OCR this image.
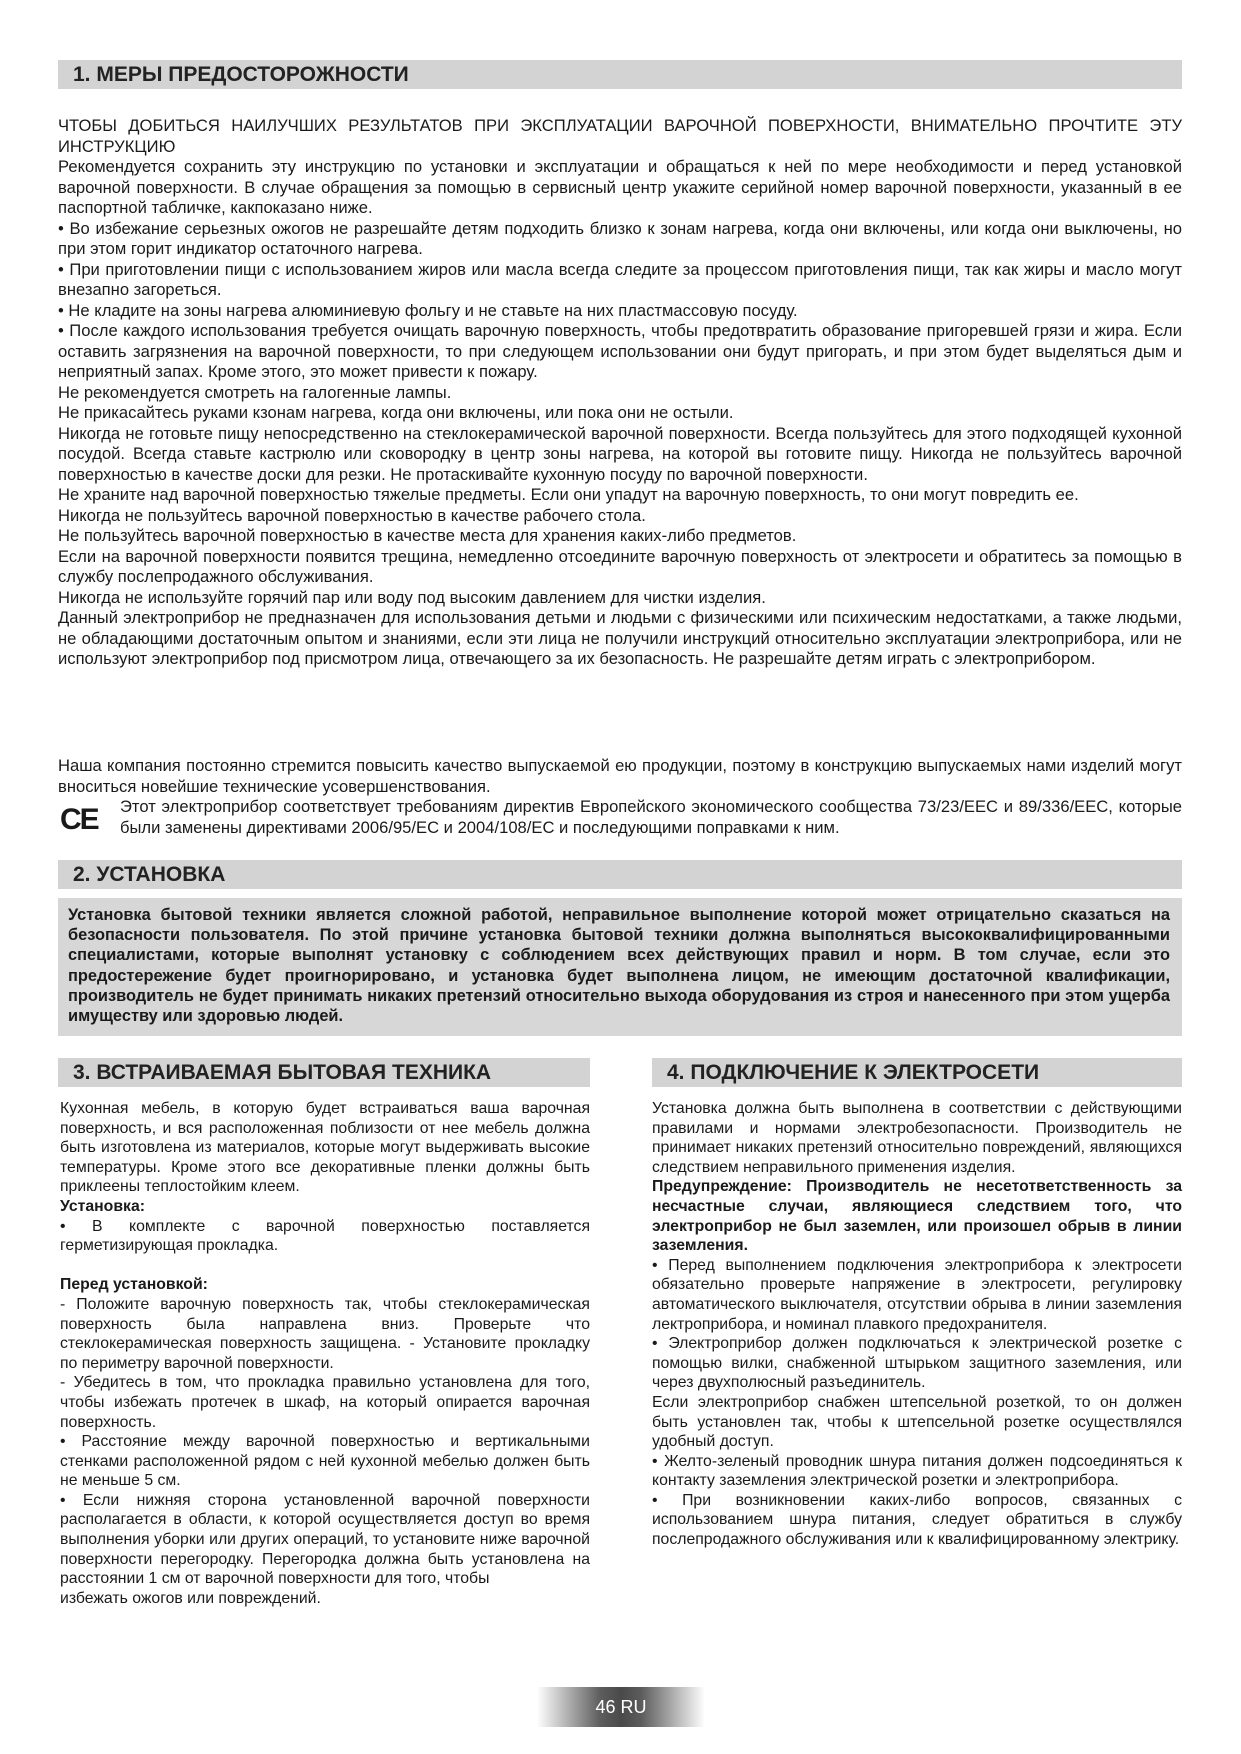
1. МЕРЫ ПРЕДОСТОРОЖНОСТИ

ЧТОБЫ ДОБИТЬСЯ НАИЛУЧШИХ РЕЗУЛЬТАТОВ ПРИ ЭКСПЛУАТАЦИИ ВАРОЧНОЙ ПОВЕРХНОСТИ, ВНИМАТЕЛЬНО ПРОЧТИТЕ ЭТУ ИНСТРУКЦИЮ

Рекомендуется сохранить эту инструкцию по установки и эксплуатации и обращаться к ней по мере необходимости и перед установкой варочной поверхности. В случае обращения за помощью в сервисный центр укажите серийной номер варочной поверхности, указанный в ее паспортной табличке, какпоказано ниже.

• Во избежание серьезных ожогов не разрешайте детям подходить близко к зонам нагрева, когда они включены, или когда они выключены, но при этом горит индикатор остаточного нагрева.

• При приготовлении пищи с использованием жиров или масла всегда следите за процессом приготовления пищи, так как жиры и масло могут внезапно загореться.

• Не кладите на зоны нагрева алюминиевую фольгу и не ставьте на них пластмассовую посуду.

• После каждого использования требуется очищать варочную поверхность, чтобы предотвратить образование пригоревшей грязи и жира. Если оставить загрязнения на варочной поверхности, то при следующем использовании они будут пригорать, и при этом будет выделяться дым и неприятный запах. Кроме этого, это может привести к пожару.

Не рекомендуется смотреть на галогенные лампы.

Не прикасайтесь руками кзонам нагрева, когда они включены, или пока они не остыли.

Никогда не готовьте пищу непосредственно на стеклокерамической варочной поверхности. Всегда пользуйтесь для этого подходящей кухонной посудой. Всегда ставьте кастрюлю или сковородку в центр зоны нагрева, на которой вы готовите пищу. Никогда не пользуйтесь варочной поверхностью в качестве доски для резки. Не протаскивайте кухонную посуду по варочной поверхности.

Не храните над варочной поверхностью тяжелые предметы. Если они упадут на варочную поверхность, то они могут повредить ее.

Никогда не пользуйтесь варочной поверхностью в качестве рабочего стола.

Не пользуйтесь варочной поверхностью в качестве места для хранения каких-либо предметов.

Если на варочной поверхности появится трещина, немедленно отсоедините варочную поверхность от электросети и обратитесь за помощью в службу послепродажного обслуживания.

Никогда не используйте горячий пар или воду под высоким давлением для чистки изделия.

Данный электроприбор не предназначен для использования детьми и людьми с физическими или психическим недостатками, а также людьми, не обладающими достаточным опытом и знаниями, если эти лица не получили инструкций относительно эксплуатации электроприбора, или не используют электроприбор под присмотром лица, отвечающего за их безопасность. Не разрешайте детям играть с электроприбором.

Наша компания постоянно стремится повысить качество выпускаемой ею продукции, поэтому в конструкцию выпускаемых нами изделий могут вноситься новейшие технические усовершенствования.
CE	Этот электроприбор соответствует требованиям директив Европейского экономического сообщества 73/23/EEC и 89/336/EEC, которые были заменены директивами 2006/95/EC и 2004/108/EC и последующими поправками к ним.
2. УСТАНОВКА
Установка бытовой техники является сложной работой, неправильное выполнение которой может отрицательно сказаться на безопасности пользователя. По этой причине установка бытовой техники должна выполняться высококвалифицированными специалистами, которые выполнят установку с соблюдением всех действующих правил и норм. В том случае, если это предостережение будет проигнорировано, и установка будет выполнена лицом, не имеющим достаточной квалификации, производитель не будет принимать никаких претензий относительно выхода оборудования из строя и нанесенного при этом ущерба имуществу или здоровью людей.
3. ВСТРАИВАЕМАЯ БЫТОВАЯ ТЕХНИКА

Кухонная мебель, в которую будет встраиваться ваша варочная поверхность, и вся расположенная поблизости от нее мебель должна быть изготовлена из материалов, которые могут выдерживать высокие температуры. Кроме этого все декоративные пленки должны быть приклеены теплостойким клеем.

Установка:

• В комплекте с варочной поверхностью поставляется герметизирующая прокладка.

Перед установкой:

- Положите варочную поверхность так, чтобы стеклокерамическая поверхность была направлена вниз. Проверьте что стеклокерамическая поверхность защищена. - Установите прокладку по периметру варочной поверхности.

- Убедитесь в том, что прокладка правильно установлена для того, чтобы избежать протечек в шкаф, на который опирается варочная поверхность.

• Расстояние между варочной поверхностью и вертикальными стенками расположенной рядом с ней кухонной мебелью должен быть не меньше 5 см.

• Если нижняя сторона установленной варочной поверхности располагается в области, к которой осуществляется доступ во время выполнения уборки или других операций, то установите ниже варочной поверхности перегородку. Перегородка должна быть установлена на расстоянии 1 см от варочной поверхности для того, чтобы

избежать ожогов или повреждений.

4. ПОДКЛЮЧЕНИЕ К ЭЛЕКТРОСЕТИ

Установка должна быть выполнена в соответствии с действующими правилами и нормами электробезопасности. Производитель не принимает никаких претензий относительно повреждений, являющихся следствием неправильного применения изделия.

Предупреждение: Производитель не несетответственность за несчастные случаи, являющиеся следствием того, что электроприбор не был заземлен, или произошел обрыв в линии заземления.

• Перед выполнением подключения электроприбора к электросети обязательно проверьте напряжение в электросети, регулировку автоматического выключателя, отсутствии обрыва в линии заземления лектроприбора, и номинал плавкого предохранителя.

• Электроприбор должен подключаться к электрической розетке с помощью вилки, снабженной штырьком защитного заземления, или через двухполюсный разъединитель.

Если электроприбор снабжен штепсельной розеткой, то он должен быть установлен так, чтобы к штепсельной розетке осуществлялся удобный доступ.

• Желто-зеленый проводник шнура питания должен подсоединяться к контакту заземления электрической розетки и электроприбора.

• При возникновении каких-либо вопросов, связанных с использованием шнура питания, следует обратиться в службу послепродажного обслуживания или к квалифицированному электрику.

46 RU
